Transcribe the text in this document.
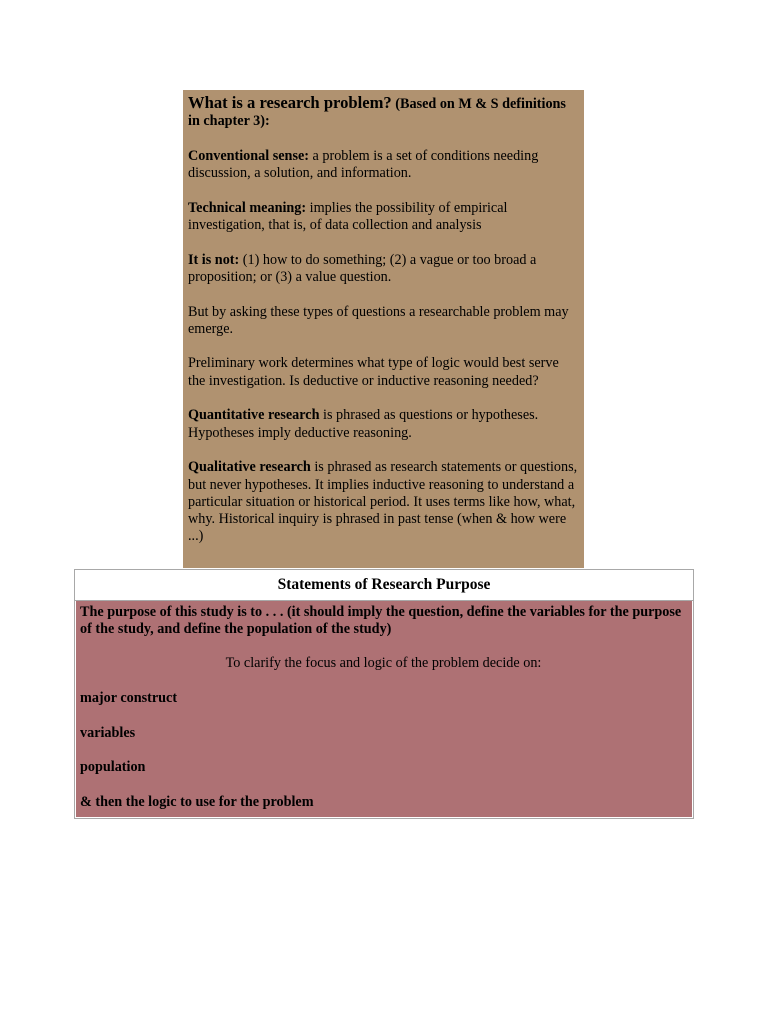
What is a research problem? (Based on M & S definitions in chapter 3):

Conventional sense: a problem is a set of conditions needing discussion, a solution, and information.

Technical meaning: implies the possibility of empirical investigation, that is, of data collection and analysis

It is not: (1) how to do something; (2) a vague or too broad a proposition; or (3) a value question.

But by asking these types of questions a researchable problem may emerge.

Preliminary work determines what type of logic would best serve the investigation. Is deductive or inductive reasoning needed?

Quantitative research is phrased as questions or hypotheses. Hypotheses imply deductive reasoning.

Qualitative research is phrased as research statements or questions, but never hypotheses. It implies inductive reasoning to understand a particular situation or historical period. It uses terms like how, what, why. Historical inquiry is phrased in past tense (when & how were ...)

Statements of Research Purpose

The purpose of this study is to . . . (it should imply the question, define the variables for the purpose of the study, and define the population of the study)

To clarify the focus and logic of the problem decide on:

major construct

variables

population

& then the logic to use for the problem
